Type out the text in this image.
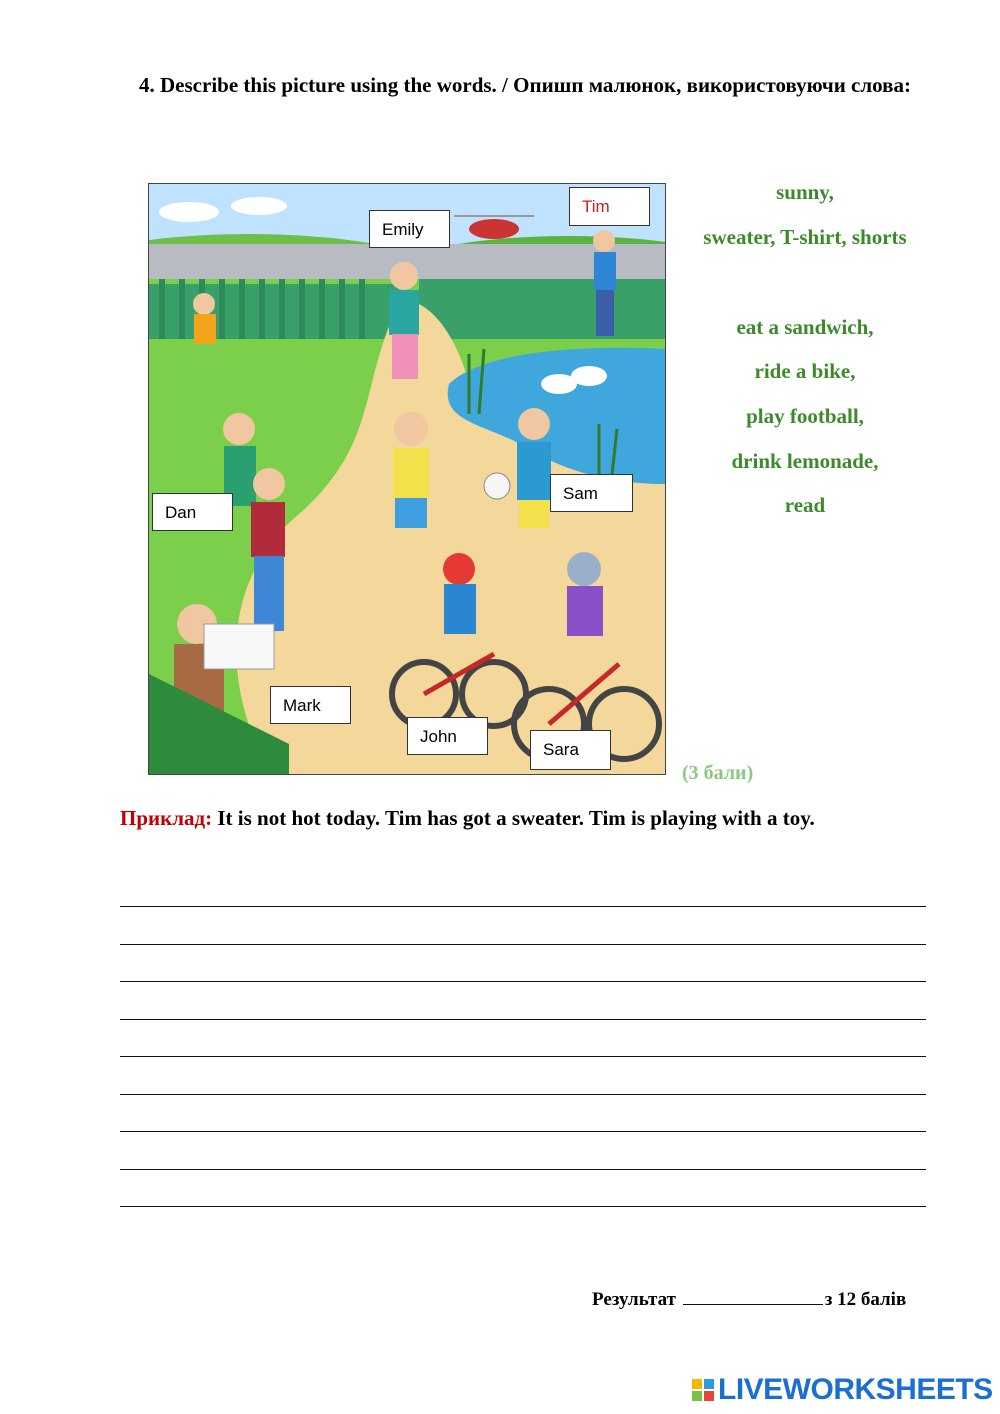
4. Describe this picture using the words. / Опишп малюнок, використовуючи слова:
Emily
Tim
Dan
Sam
Mark
John
Sara
sunny,
sweater, T-shirt, shorts
eat a sandwich,
ride a bike,
play football,
drink lemonade,
read
(3 бали)
Приклад: It is not hot today. Tim has got a sweater. Tim is playing with a toy.
Результат	з 12 балів
LIVEWORKSHEETS
